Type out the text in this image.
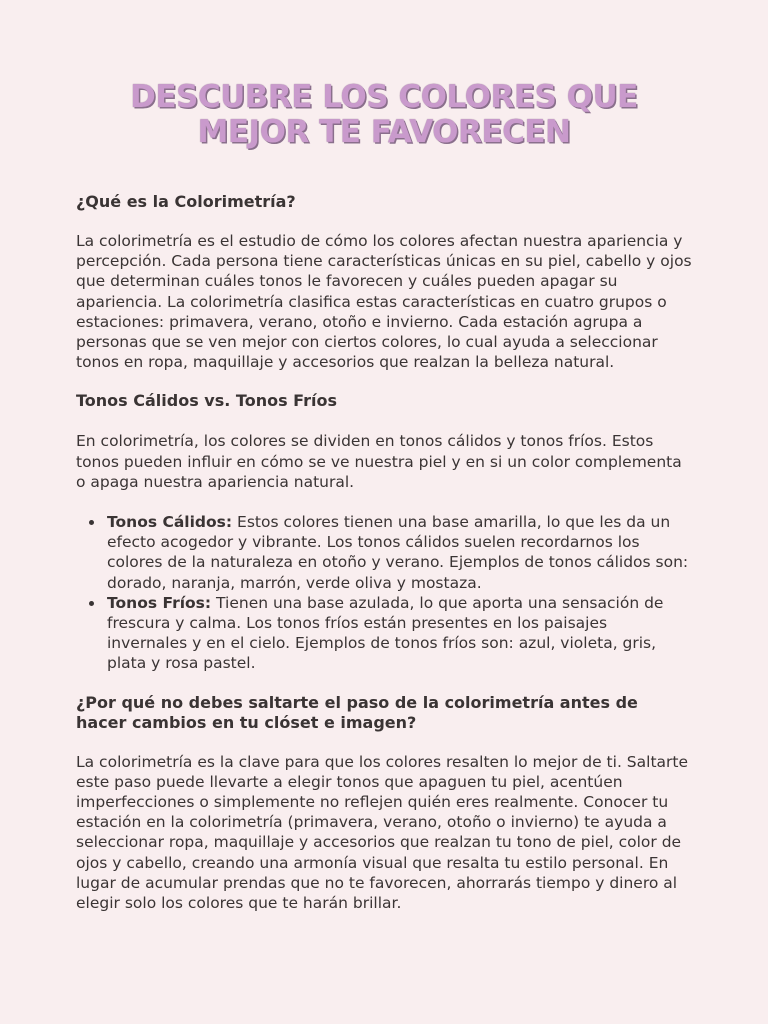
DESCUBRE LOS COLORES QUE
MEJOR TE FAVORECEN

¿Qué es la Colorimetría?

La colorimetría es el estudio de cómo los colores afectan nuestra apariencia y percepción. Cada persona tiene características únicas en su piel, cabello y ojos que determinan cuáles tonos le favorecen y cuáles pueden apagar su apariencia. La colorimetría clasifica estas características en cuatro grupos o estaciones: primavera, verano, otoño e invierno. Cada estación agrupa a personas que se ven mejor con ciertos colores, lo cual ayuda a seleccionar tonos en ropa, maquillaje y accesorios que realzan la belleza natural.

Tonos Cálidos vs. Tonos Fríos

En colorimetría, los colores se dividen en tonos cálidos y tonos fríos. Estos tonos pueden influir en cómo se ve nuestra piel y en si un color complementa o apaga nuestra apariencia natural.

Tonos Cálidos: Estos colores tienen una base amarilla, lo que les da un efecto acogedor y vibrante. Los tonos cálidos suelen recordarnos los colores de la naturaleza en otoño y verano. Ejemplos de tonos cálidos son: dorado, naranja, marrón, verde oliva y mostaza.
Tonos Fríos: Tienen una base azulada, lo que aporta una sensación de frescura y calma. Los tonos fríos están presentes en los paisajes invernales y en el cielo. Ejemplos de tonos fríos son: azul, violeta, gris, plata y rosa pastel.

¿Por qué no debes saltarte el paso de la colorimetría antes de hacer cambios en tu clóset e imagen?

La colorimetría es la clave para que los colores resalten lo mejor de ti. Saltarte este paso puede llevarte a elegir tonos que apaguen tu piel, acentúen imperfecciones o simplemente no reflejen quién eres realmente. Conocer tu estación en la colorimetría (primavera, verano, otoño o invierno) te ayuda a seleccionar ropa, maquillaje y accesorios que realzan tu tono de piel, color de ojos y cabello, creando una armonía visual que resalta tu estilo personal. En lugar de acumular prendas que no te favorecen, ahorrarás tiempo y dinero al elegir solo los colores que te harán brillar.
